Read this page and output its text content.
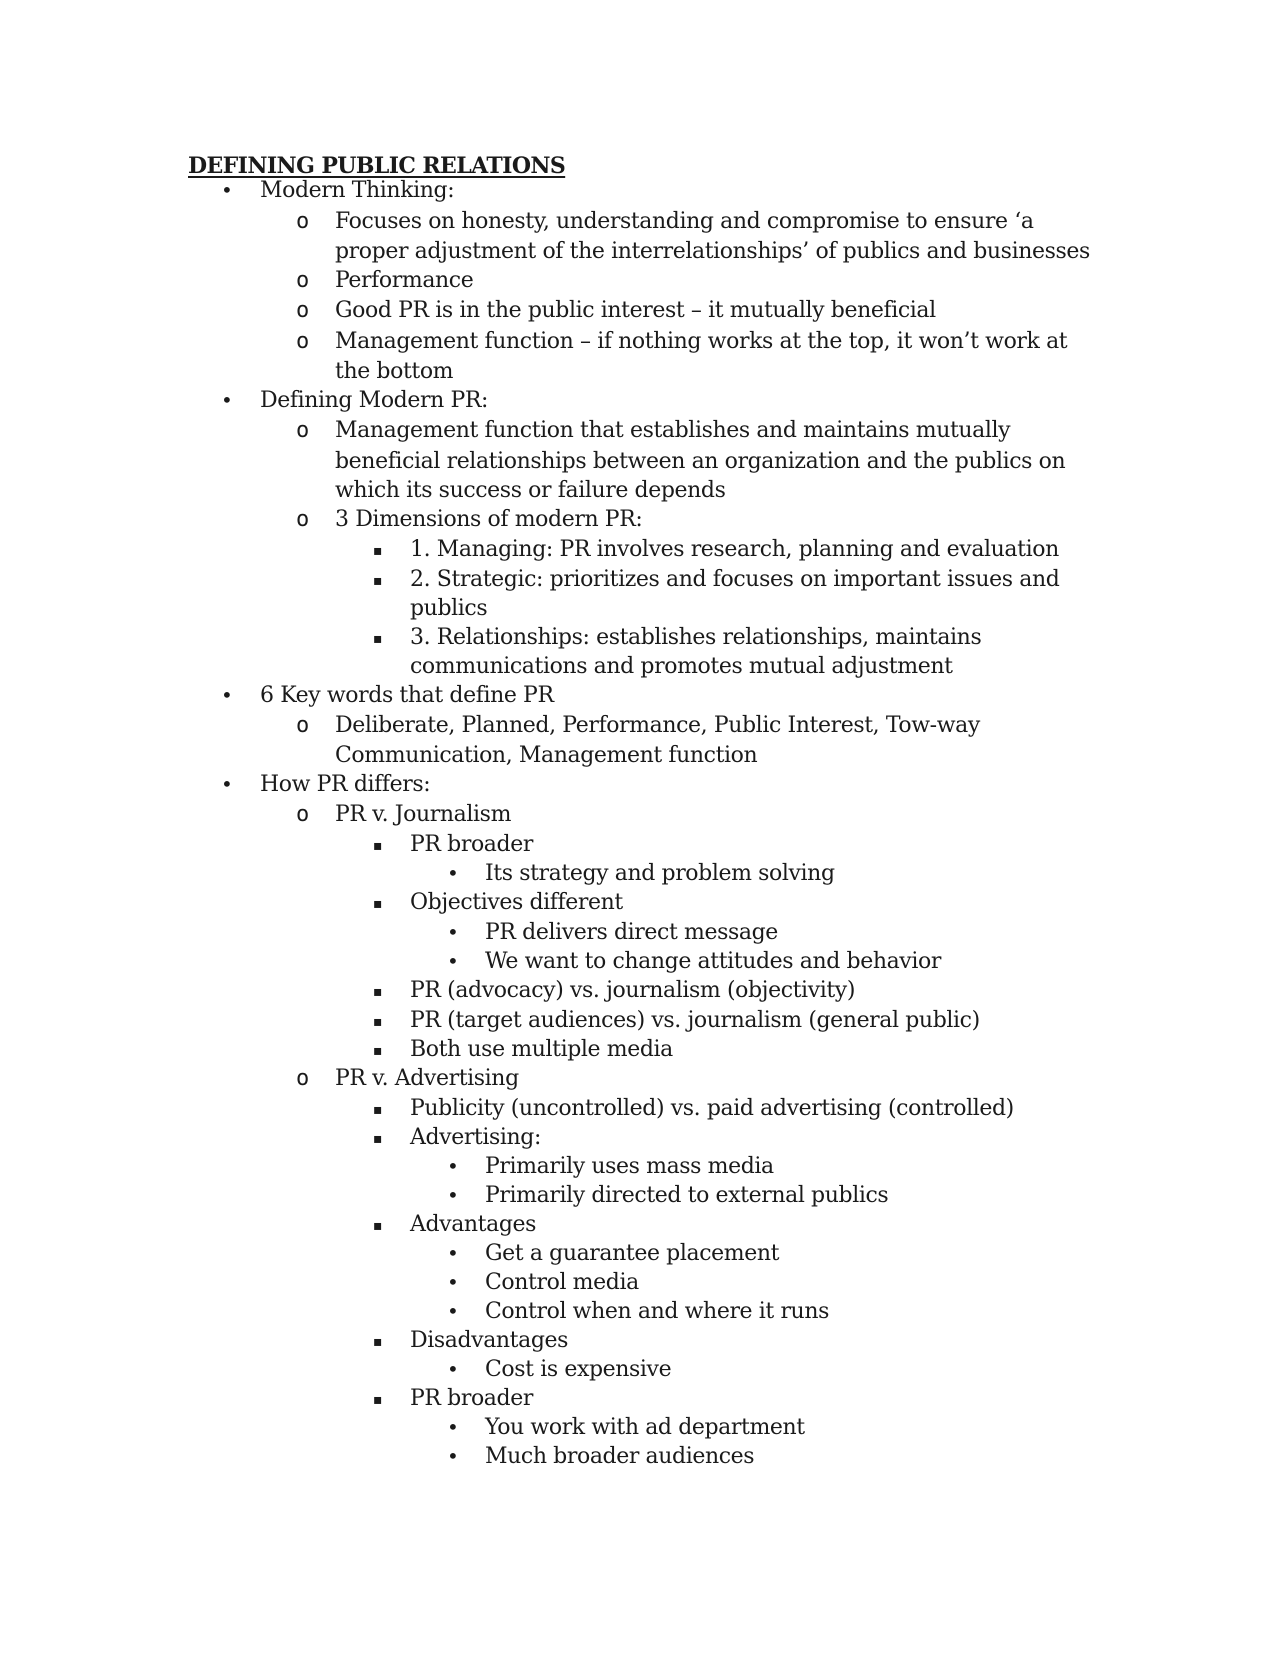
DEFINING PUBLIC RELATIONS
• Modern Thinking:
o Focuses on honesty, understanding and compromise to ensure ‘a
proper adjustment of the interrelationships’ of publics and businesses
o Performance
o Good PR is in the public interest – it mutually beneficial
o Management function – if nothing works at the top, it won’t work at
the bottom
• Defining Modern PR:
o Management function that establishes and maintains mutually
beneficial relationships between an organization and the publics on
which its success or failure depends
o 3 Dimensions of modern PR:
▪ 1. Managing: PR involves research, planning and evaluation
▪ 2. Strategic: prioritizes and focuses on important issues and
publics
▪ 3. Relationships: establishes relationships, maintains
communications and promotes mutual adjustment
• 6 Key words that define PR
o Deliberate, Planned, Performance, Public Interest, Tow-way
Communication, Management function
• How PR differs:
o PR v. Journalism
▪ PR broader
• Its strategy and problem solving
▪ Objectives different
• PR delivers direct message
• We want to change attitudes and behavior
▪ PR (advocacy) vs. journalism (objectivity)
▪ PR (target audiences) vs. journalism (general public)
▪ Both use multiple media
o PR v. Advertising
▪ Publicity (uncontrolled) vs. paid advertising (controlled)
▪ Advertising:
• Primarily uses mass media
• Primarily directed to external publics
▪ Advantages
• Get a guarantee placement
• Control media
• Control when and where it runs
▪ Disadvantages
• Cost is expensive
▪ PR broader
• You work with ad department
• Much broader audiences
